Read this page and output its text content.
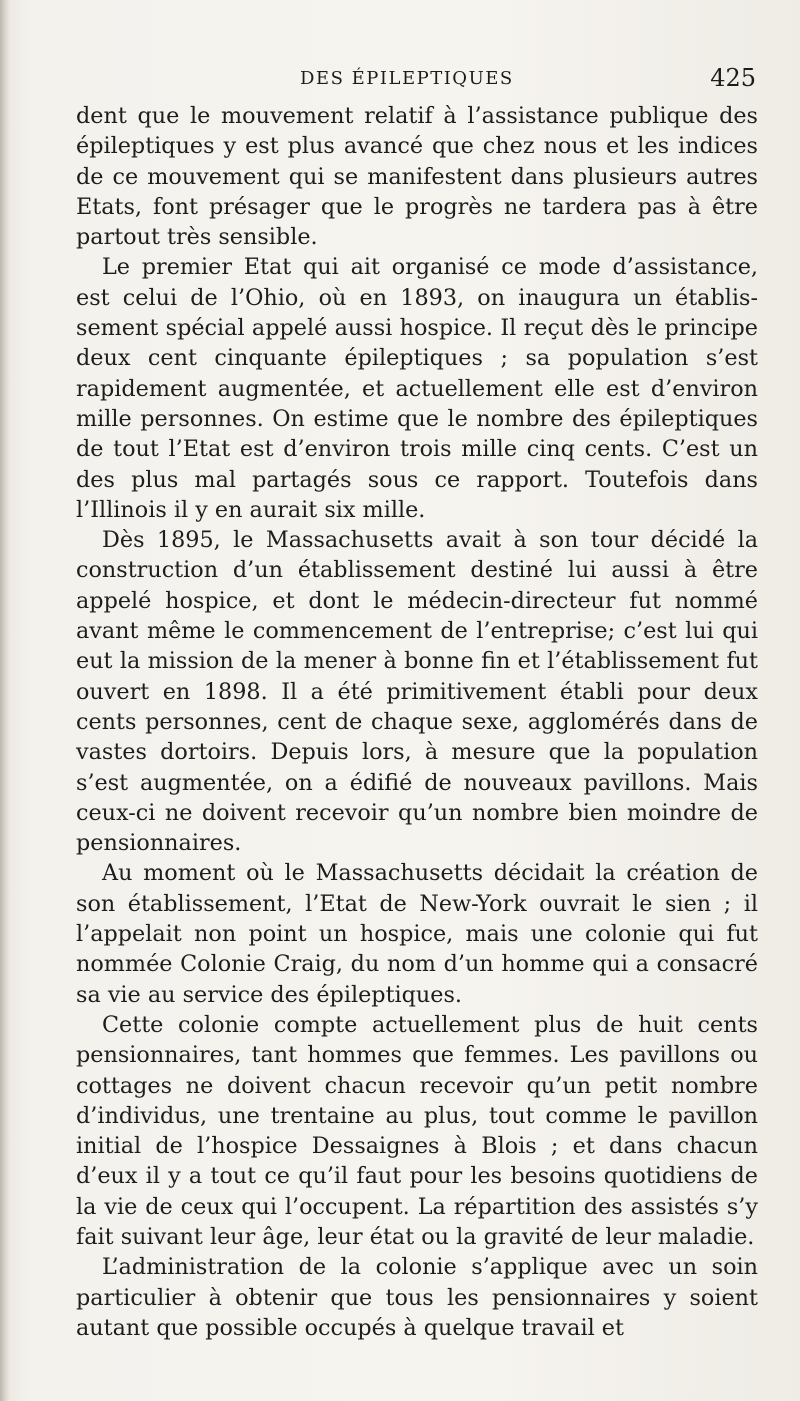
DES ÉPILEPTIQUES	425

dent que le mouvement relatif à l’assistance publique des épileptiques y est plus avancé que chez nous et les indices de ce mouvement qui se manifestent dans plusieurs autres Etats, font présager que le progrès ne tardera pas à être partout très sensible.

Le premier Etat qui ait organisé ce mode d’assistance, est celui de l’Ohio, où en 1893, on inaugura un établissement spécial appelé aussi hospice. Il reçut dès le principe deux cent cinquante épileptiques ; sa population s’est rapidement augmentée, et actuellement elle est d’environ mille personnes. On estime que le nombre des épileptiques de tout l’Etat est d’environ trois mille cinq cents. C’est un des plus mal partagés sous ce rapport. Toutefois dans l’Illinois il y en aurait six mille.

Dès 1895, le Massachusetts avait à son tour décidé la construction d’un établissement destiné lui aussi à être appelé hospice, et dont le médecin-directeur fut nommé avant même le commencement de l’entreprise; c’est lui qui eut la mission de la mener à bonne fin et l’établissement fut ouvert en 1898. Il a été primitivement établi pour deux cents personnes, cent de chaque sexe, agglomérés dans de vastes dortoirs. Depuis lors, à mesure que la population s’est augmentée, on a édifié de nouveaux pavillons. Mais ceux-ci ne doivent recevoir qu’un nombre bien moindre de pensionnaires.

Au moment où le Massachusetts décidait la création de son établissement, l’Etat de New-York ouvrait le sien ; il l’appelait non point un hospice, mais une colonie qui fut nommée Colonie Craig, du nom d’un homme qui a consacré sa vie au service des épileptiques.

Cette colonie compte actuellement plus de huit cents pensionnaires, tant hommes que femmes. Les pavillons ou cottages ne doivent chacun recevoir qu’un petit nombre d’individus, une trentaine au plus, tout comme le pavillon initial de l’hospice Dessaignes à Blois ; et dans chacun d’eux il y a tout ce qu’il faut pour les besoins quotidiens de la vie de ceux qui l’occupent. La répartition des assistés s’y fait suivant leur âge, leur état ou la gravité de leur maladie.

L’administration de la colonie s’applique avec un soin particulier à obtenir que tous les pensionnaires y soient autant que possible occupés à quelque travail et
